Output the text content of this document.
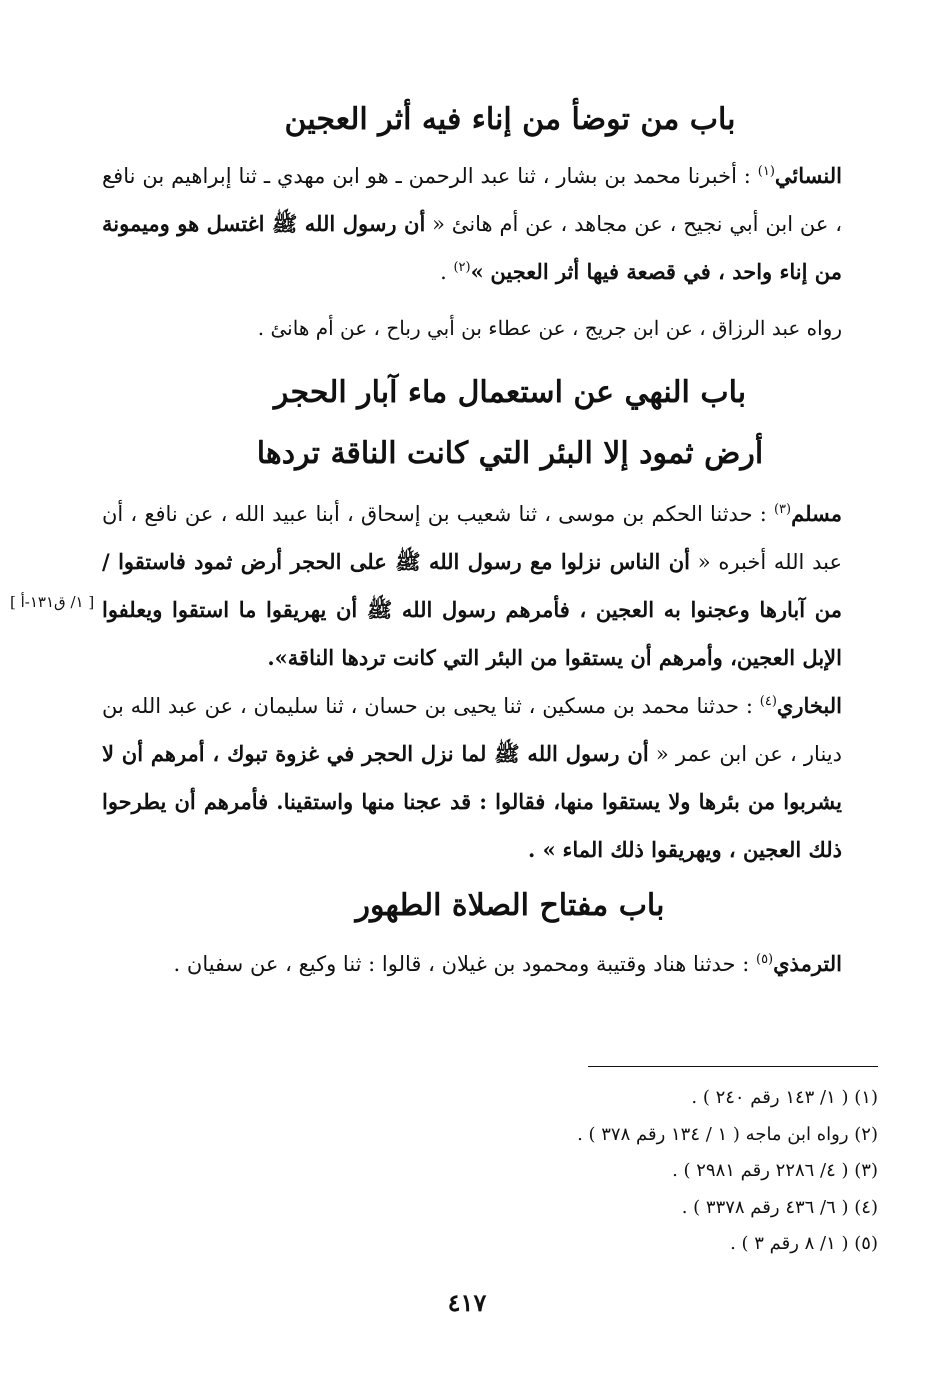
باب من توضأ من إناء فيه أثر العجين
النسائي$^{(١)}$ : أخبرنا محمد بن بشار ، ثنا عبد الرحمن ـ هو ابن مهدي ـ ثنا إبراهيم بن نافع ، عن ابن أبي نجيح ، عن مجاهد ، عن أم هانئ « أن رسول الله ﷺ اغتسل هو وميمونة من إناء واحد ، في قصعة فيها أثر العجين »$^{(٢)}$ .
رواه عبد الرزاق ، عن ابن جريج ، عن عطاء بن أبي رباح ، عن أم هانئ .
باب النهي عن استعمال ماء آبار الحجر
أرض ثمود إلا البئر التي كانت الناقة تردها
مسلم$^{(٣)}$ : حدثنا الحكم بن موسى ، ثنا شعيب بن إسحاق ، أبنا عبيد الله ، عن نافع ، أن عبد الله أخبره « أن الناس نزلوا مع رسول الله ﷺ على الحجر أرض ثمود فاستقوا / من آبارها وعجنوا به العجين ، فأمرهم رسول الله ﷺ أن يهريقوا ما استقوا ويعلفوا الإبل العجين، وأمرهم أن يستقوا من البئر التي كانت تردها الناقة».
[ ١/ ق١٣١-أ ]
البخاري$^{(٤)}$ : حدثنا محمد بن مسكين ، ثنا يحيى بن حسان ، ثنا سليمان ، عن عبد الله بن دينار ، عن ابن عمر « أن رسول الله ﷺ لما نزل الحجر في غزوة تبوك ، أمرهم أن لا يشربوا من بئرها ولا يستقوا منها، فقالوا : قد عجنا منها واستقينا. فأمرهم أن يطرحوا ذلك العجين ، ويهريقوا ذلك الماء » .
باب مفتاح الصلاة الطهور
الترمذي$^{(٥)}$ : حدثنا هناد وقتيبة ومحمود بن غيلان ، قالوا : ثنا وكيع ، عن سفيان .
(١) ( ١/ ١٤٣ رقم ٢٤٠ ) .
(٢) رواه ابن ماجه ( ١ / ١٣٤ رقم ٣٧٨ ) .
(٣) ( ٤/ ٢٢٨٦ رقم ٢٩٨١ ) .
(٤) ( ٦/ ٤٣٦ رقم ٣٣٧٨ ) .
(٥) ( ١/ ٨ رقم ٣ ) .
٤١٧
